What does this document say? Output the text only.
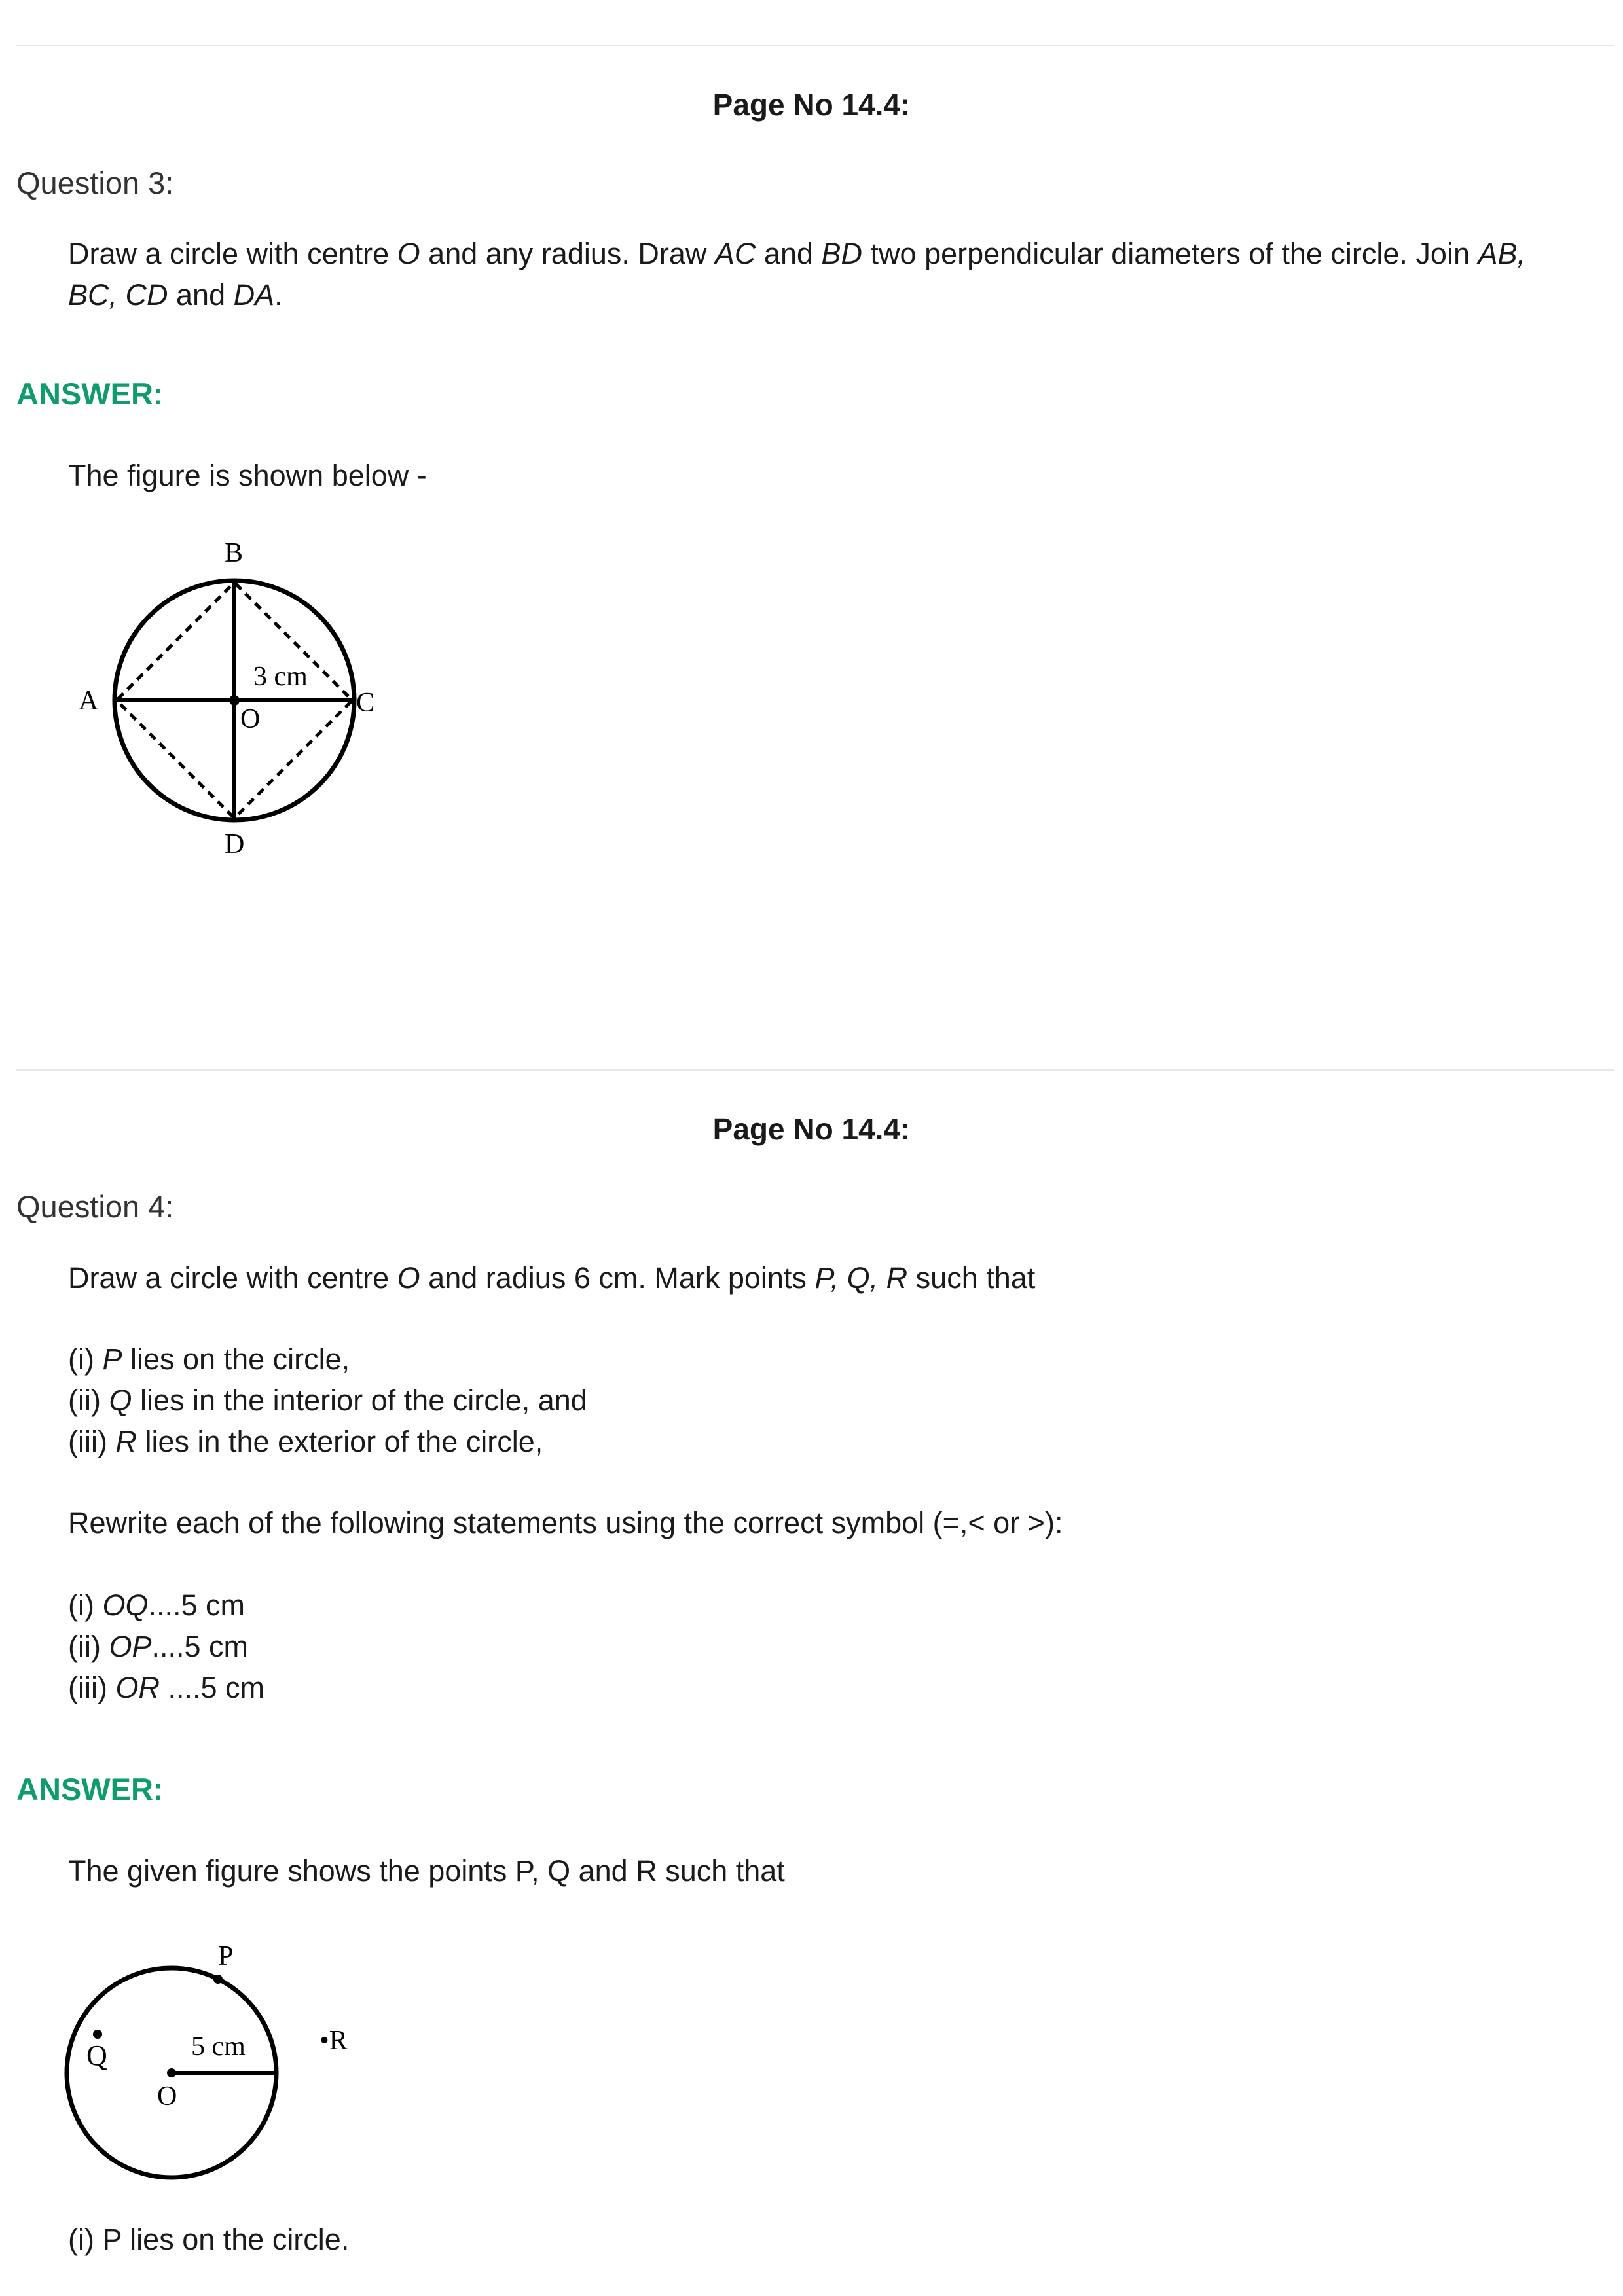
Page No 14.4:
Question 3:
Draw a circle with centre O and any radius. Draw AC and BD two perpendicular diameters of the circle. Join AB,
BC, CD and DA.
ANSWER:
The figure is shown below -
B
A	C
D
O
3 cm
Page No 14.4:
Question 4:
Draw a circle with centre O and radius 6 cm. Mark points P, Q, R such that
(i) P lies on the circle,
(ii) Q lies in the interior of the circle, and
(iii) R lies in the exterior of the circle,
Rewrite each of the following statements using the correct symbol (=,< or >):
(i) OQ....5 cm
(ii) OP....5 cm
(iii) OR ....5 cm
ANSWER:
The given figure shows the points P, Q and R such that
P
Q
O
5 cm	•R
(i) P lies on the circle.
